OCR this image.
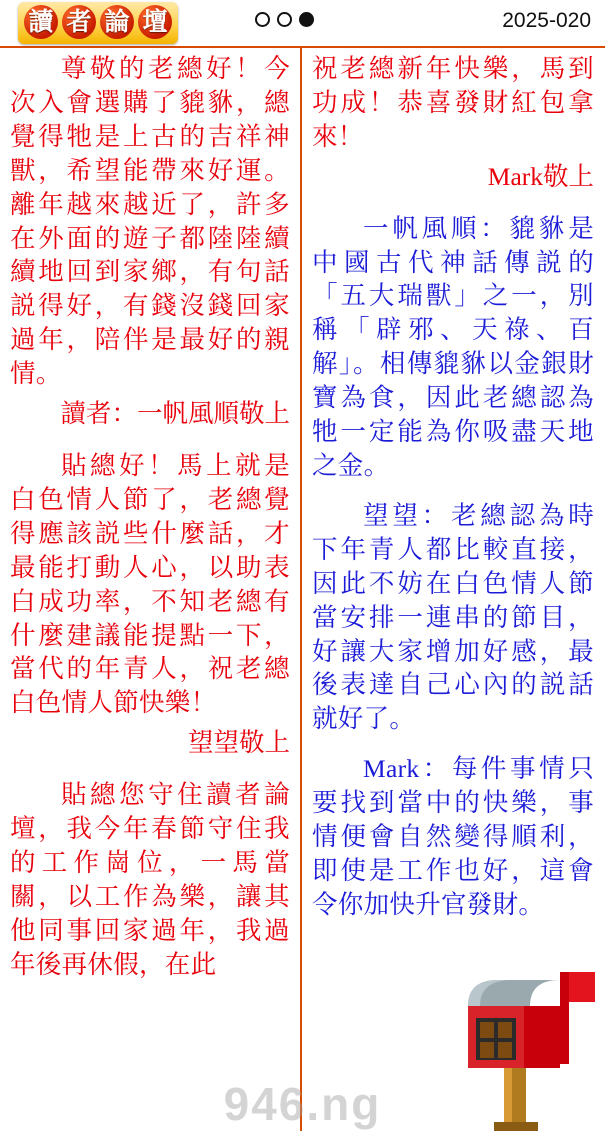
讀 者 論 壇	2025-020

尊敬的老總好！今次入會選購了貔貅，總覺得牠是上古的吉祥神獸，希望能帶來好運。離年越來越近了，許多在外面的遊子都陸陸續續地回到家鄉，有句話説得好，有錢沒錢回家過年，陪伴是最好的親情。

讀者：一帆風順敬上

貼總好！馬上就是白色情人節了，老總覺得應該説些什麼話，才最能打動人心，以助表白成功率，不知老總有什麼建議能提點一下，當代的年青人，祝老總白色情人節快樂！

望望敬上

貼總您守住讀者論壇，我今年春節守住我的工作崗位，一馬當關，以工作為樂，讓其他同事回家過年，我過年後再休假，在此

祝老總新年快樂，馬到功成！恭喜發財紅包拿來！

Mark敬上

一帆風順：貔貅是中國古代神話傳説的「五大瑞獸」之一，別稱「辟邪、天祿、百解」。相傳貔貅以金銀財寶為食，因此老總認為牠一定能為你吸盡天地之金。

望望：老總認為時下年青人都比較直接，因此不妨在白色情人節當安排一連串的節目，好讓大家增加好感，最後表達自己心內的説話就好了。

Mark：每件事情只要找到當中的快樂，事情便會自然變得順利，即使是工作也好，這會令你加快升官發財。

946.ng
